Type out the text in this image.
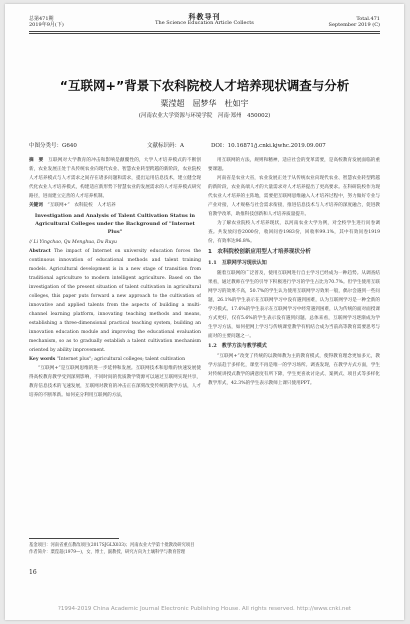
总第471期
2019年9月(下)
科教导刊
The Science Education Article Collects
Total.471
September 2019 (C)
“互联网+”背景下农科院校人才培养现状调查与分析
粟滢超　屈梦华　杜如宇
(河南农业大学资源与环境学院　河南·郑州　450002)
中图分类号：G640	文献标识码：A	DOI：10.16871/j.cnki.kjwhc.2019.09.007

摘　要　 互联网对大学教育的冲击和影响是颠覆性的，大学人才培养模式的不断创新，农业发展正处于从传统农业向现代农业、智慧农业转型跨越的新阶段，农业院校人才培养模式与人才需求之间存在诸多问题和需求，提出运用信息技术，建立健全现代化农业人才培养模式，构建适应新形势下智慧农业的发展需求的人才培养模式研究路径，进而建立完善的人才培养机制。

关键词　 “互联网+”　农科院校　人才培养

Investigation and Analysis of Talent Cultivation Status in Agricultural Colleges under the Background of "Internet Plus"

// Li Yingchao, Qu Menghua, Du Ruyu

Abstract The impact of Internet on university education forces the continuous innovation of educational methods and talent training models. Agricultural development is in a new stage of transition from traditional agriculture to modern intelligent agriculture. Based on the investigation of the present situation of talent cultivation in agricultural colleges, this paper puts forward a new approach to the cultivation of innovative and applied talents from the aspects of building a multi-channel learning platform, innovating teaching methods and means, establishing a three-dimensional practical teaching system, building an innovation education module and improving the educational evaluation mechanism, so as to gradually establish a talent cultivation mechanism oriented by ability improvement.

Key words "Internet plus"; agricultural colleges; talent cultivation

“互联网+”是互联网思维的进一步延伸和发展。互联网技术和思维的快速发展使得高校教育教学受到深刻影响，不同时间的优质教学资源可以通过互联网实现共享，教育信息技术的飞速发展，互联网对教育的冲击正在深刻改变传统的教学方法，人才培养的不断革新。如何充分利用互联网的方法，

用互联网的方法，规则和精神，适应社会的变革需要，是高校教育发展面临的重要课题。

河南省是农业大省，农业发展正处于从传统农业向现代农业、智慧农业转型跨越的新阶段，农业高端人才的大量需求对人才培养提出了更高要求。在科研院校作为现代农业人才培养的主阵地，需要把互联网思维融入人才培养过程中，努力做好专业与产业对接，人才规格与社会需求衔接，推进信息技术与人才培养的深度融合，促进教育教学改革，助推科技创新和人才培养质量提升。

为了解农业院校人才培养现状，以河南农业大学为例，对全校学生进行问卷调查。共发放问卷2000份，收回问卷1983份，回收率99.1%，其中有效问卷1919份，有效率达96.8%。

1　农科院校创新应用型人才培养现状分析
1.1　互联网学习现状认知

随着互联网的广泛普及，使用互联网进行自主学习已经成为一种趋势。从调查结果看，通过教师在学生的引导下积极进行学习的学生占比为70.7%。但学生使用互联网学习的效果不高，50.7%的学生认为使用互联网学习效果一般，偶尔会遇到一些问题，26.1%的学生表示在互联网学习中没有遇到困难，认为互联网学习是一种全新的学习模式。17.6%的学生表示在互联网学习中经常遇到困难，认为传统的面对面授课方式更好，仅有5.6%的学生表示没有遇到问题。总体来看，互联网学习逐渐成为学生学习方法，如何把网上学习与传统课堂教学有机结合成为当前高等教育需要思考与面对的主要问题之一。

1.2　教学方法与教学模式

“互联网+”改变了传统的以教师教为主的教育模式，使得教育理念更加多元，教学方法趋于多样化，课堂不再是唯一的学习场所。调查发现，在教学方式方面，学生对传统讲授式教学的满意度有所下降，学生更喜欢讨论式、案例式、项目式等多样化教学形式，42.3%的学生表示教师上课只使用PPT。

基金项目：河南省重点教改项目(2017SJGLX033)；河南农业大学第十批教改研究项目
作者简介：粟滢超(1979—)，女，博士，副教授，研究方向为土壤科学与教育管理
16
?1994-2019 China Academic Journal Electronic Publishing House. All rights reserved. http://www.cnki.net
